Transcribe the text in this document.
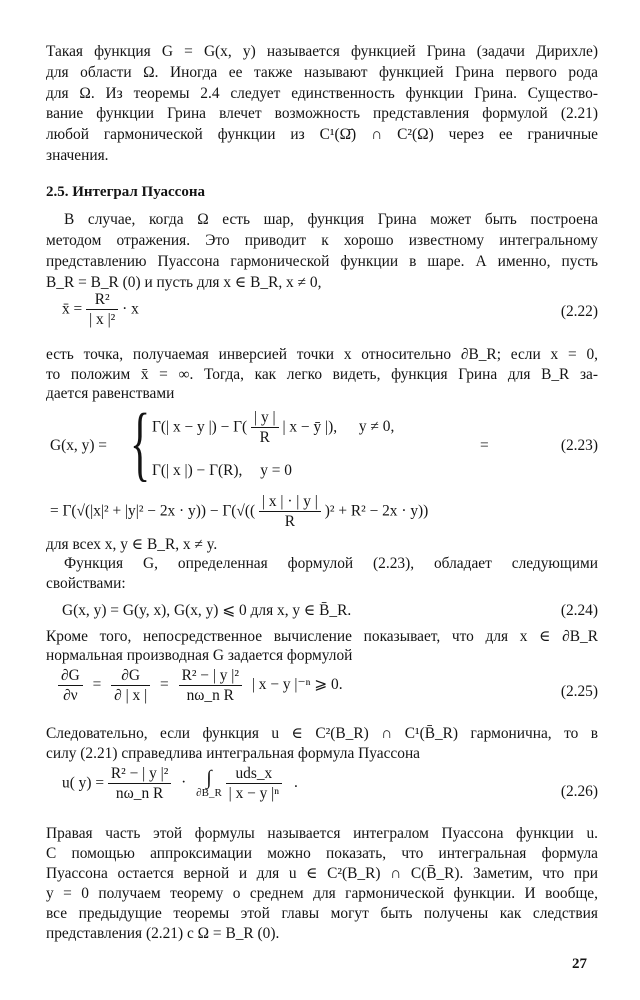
Такая функция G = G(x, y) называется функцией Грина (задачи Дирихле)
для области Ω. Иногда ее также называют функцией Грина первого рода
для Ω. Из теоремы 2.4 следует единственность функции Грина. Существо-
вание функции Грина влечет возможность представления формулой (2.21)
любой гармонической функции из C¹(Ω̄) ∩ C²(Ω) через ее граничные
значения.
2.5. Интеграл Пуассона
В случае, когда Ω есть шар, функция Грина может быть построена
методом отражения. Это приводит к хорошо известному интегральному
представлению Пуассона гармонической функции в шаре. А именно, пусть
B_R = B_R (0) и пусть для x ∈ B_R, x ≠ 0,
x̄ = $\frac{\text{R²}}{\text{| x |²}} \cdot x$	(2.22)
есть точка, получаемая инверсией точки x относительно ∂B_R; если x = 0,
то положим x̄ = ∞. Тогда, как легко видеть, функция Грина для B_R за-
дается равенствами
G(x, y) = { Γ(| x − y |) − $\Gamma( \frac{| y |}{R}$ | x − ȳ |), y ≠ 0,
Γ(| x |) − Γ(R), y = 0
=	(2.23)
= $\Gamma(√(|x|^2 + |y|^2 - 2x \cdot y)) - \Gamma(√(( \frac{| x | \cdot | y |}{R} )^2 + R^2 - 2x \cdot y))$
для всех x, y ∈ B_R, x ≠ y.
Функция G, определенная формулой (2.23), обладает следующими
свойствами:
G(x, y) = G(y, x), G(x, y) ⩽ 0 для x, y ∈ B̄_R.	(2.24)
Кроме того, непосредственное вычисление показывает, что для x ∈ ∂B_R
нормальная производная G задается формулой
$\frac{\partial G}{\partial\nu} = \frac{\partial G}{\partial | x |} = \frac{\text{R² − | y |²}}{\text{nω\_n R}}$ | x − y |⁻ⁿ ⩾ 0.	(2.25)
Следовательно, если функция u ∈ C²(B_R) ∩ C¹(B̄_R) гармонична, то в
силу (2.21) справедлива интегральная формула Пуассона
u( $y) = \frac{\text{R² − | y |²}}{\text{nω\_n R}}$ · ∫
∂B_R
$\frac{\text{uds\_x}}{\text{| x − y |ⁿ}}$ .
(2.26)
Правая часть этой формулы называется интегралом Пуассона функции u.
С помощью аппроксимации можно показать, что интегральная формула
Пуассона остается верной и для u ∈ C²(B_R) ∩ C(B̄_R). Заметим, что при
y = 0 получаем теорему о среднем для гармонической функции. И вообще,
все предыдущие теоремы этой главы могут быть получены как следствия
представления (2.21) с Ω = B_R (0).
27
